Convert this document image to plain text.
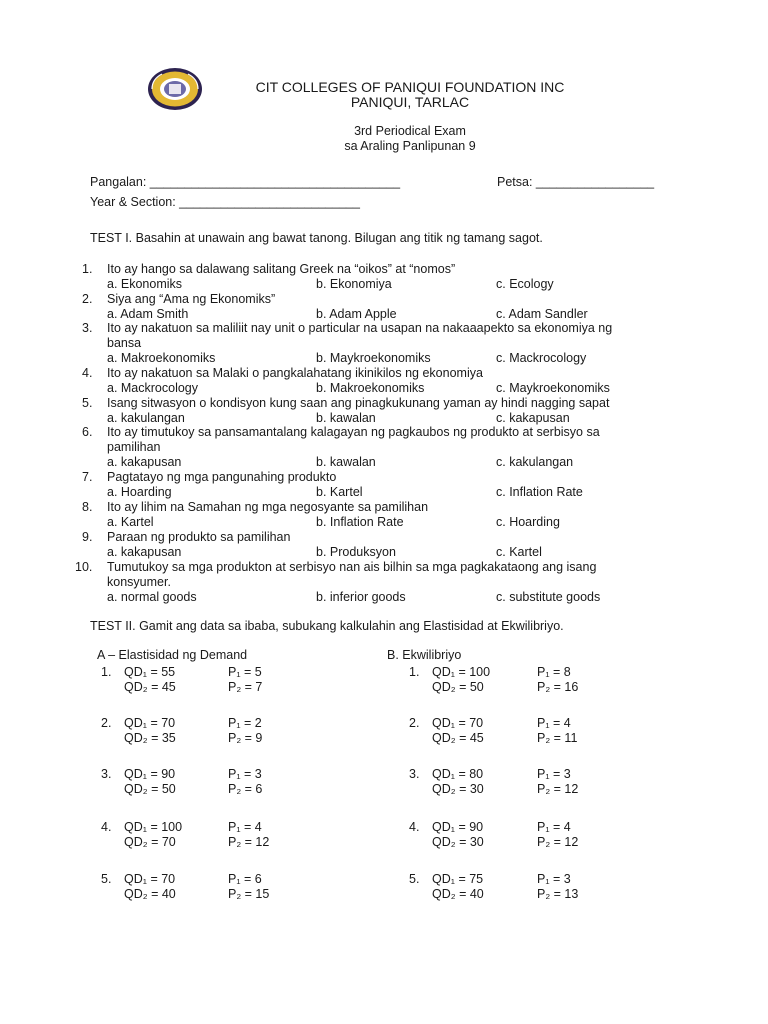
CIT COLLEGES OF PANIQUI FOUNDATION INC
PANIQUI, TARLAC
3rd Periodical Exam
sa Araling Panlipunan 9
Pangalan: ____________________________________	Petsa: _________________
Year & Section: __________________________
TEST I. Basahin at unawain ang bawat tanong. Bilugan ang titik ng tamang sagot.
1. Ito ay hango sa dalawang salitang Greek na “oikos” at “nomos”
a. Ekonomiks	b. Ekonomiya	c. Ecology
2. Siya ang “Ama ng Ekonomiks”
a. Adam Smith	b. Adam Apple	c. Adam Sandler
3. Ito ay nakatuon sa maliliit nay unit o particular na usapan na nakaaapekto sa ekonomiya ng
bansa
a. Makroekonomiks	b. Maykroekonomiks	c. Mackrocology
4. Ito ay nakatuon sa Malaki o pangkalahatang ikinikilos ng ekonomiya
a. Mackrocology	b. Makroekonomiks	c. Maykroekonomiks
5. Isang sitwasyon o kondisyon kung saan ang pinagkukunang yaman ay hindi nagging sapat
a. kakulangan	b. kawalan	c. kakapusan
6. Ito ay timutukoy sa pansamantalang kalagayan ng pagkaubos ng produkto at serbisyo sa
pamilihan
a. kakapusan	b. kawalan	c. kakulangan
7. Pagtatayo ng mga pangunahing produkto
a. Hoarding	b. Kartel	c. Inflation Rate
8. Ito ay lihim na Samahan ng mga negosyante sa pamilihan
a. Kartel	b. Inflation Rate	c. Hoarding
9. Paraan ng produkto sa pamilihan
a. kakapusan	b. Produksyon	c. Kartel
10. Tumutukoy sa mga produkton at serbisyo nan ais bilhin sa mga pagkakataong ang isang
konsyumer.
a. normal goods	b. inferior goods	c. substitute goods
TEST II. Gamit ang data sa ibaba, subukang kalkulahin ang Elastisidad at Ekwilibriyo.
A – Elastisidad ng Demand	B. Ekwilibriyo
1. QD₁ = 55	P₁ = 5
QD₂ = 45	P₂ = 7
2. QD₁ = 70	P₁ = 2
QD₂ = 35	P₂ = 9
3. QD₁ = 90	P₁ = 3
QD₂ = 50	P₂ = 6
4. QD₁ = 100	P₁ = 4
QD₂ = 70	P₂ = 12
5. QD₁ = 70	P₁ = 6
QD₂ = 40	P₂ = 15
1. QD₁ = 100	P₁ = 8
QD₂ = 50	P₂ = 16
2. QD₁ = 70	P₁ = 4
QD₂ = 45	P₂ = 11
3. QD₁ = 80	P₁ = 3
QD₂ = 30	P₂ = 12
4. QD₁ = 90	P₁ = 4
QD₂ = 30	P₂ = 12
5. QD₁ = 75	P₁ = 3
QD₂ = 40	P₂ = 13
